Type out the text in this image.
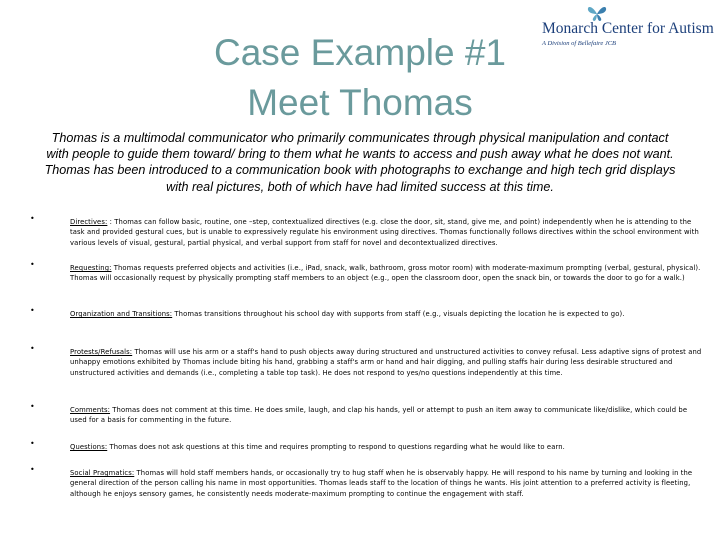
Case Example #1
Meet Thomas
Monarch Center for Autism
A Division of Bellefaire JCB
Thomas is a multimodal communicator who primarily communicates through physical manipulation and contact with people to guide them toward/ bring to them what he wants to access and push away what he does not want. Thomas has been introduced to a communication book with photographs to exchange and high tech grid displays with real pictures, both of which have had limited success at this time.
•	Directives: : Thomas can follow basic, routine, one –step, contextualized directives (e.g. close the door, sit, stand, give me, and point) independently when he is attending to the task and provided gestural cues, but is unable to expressively regulate his environment using directives. Thomas functionally follows directives within the school environment with various levels of visual, gestural, partial physical, and verbal support from staff for novel and decontextualized directives.
•	Requesting: Thomas requests preferred objects and activities (i.e., iPad, snack, walk, bathroom, gross motor room) with moderate-maximum prompting (verbal, gestural, physical). Thomas will occasionally request by physically prompting staff members to an object (e.g., open the classroom door, open the snack bin, or towards the door to go for a walk.)
•	Organization and Transitions: Thomas transitions throughout his school day with supports from staff (e.g., visuals depicting the location he is expected to go).
•	Protests/Refusals: Thomas will use his arm or a staff's hand to push objects away during structured and unstructured activities to convey refusal. Less adaptive signs of protest and unhappy emotions exhibited by Thomas include biting his hand, grabbing a staff's arm or hand and hair digging, and pulling staffs hair during less desirable structured and unstructured activities and demands (i.e., completing a table top task). He does not respond to yes/no questions independently at this time.
•	Comments: Thomas does not comment at this time. He does smile, laugh, and clap his hands, yell or attempt to push an item away to communicate like/dislike, which could be used for a basis for commenting in the future.
•	Questions: Thomas does not ask questions at this time and requires prompting to respond to questions regarding what he would like to earn.
•	Social Pragmatics: Thomas will hold staff members hands, or occasionally try to hug staff when he is observably happy. He will respond to his name by turning and looking in the general direction of the person calling his name in most opportunities. Thomas leads staff to the location of things he wants. His joint attention to a preferred activity is fleeting, although he enjoys sensory games, he consistently needs moderate-maximum prompting to continue the engagement with staff.
